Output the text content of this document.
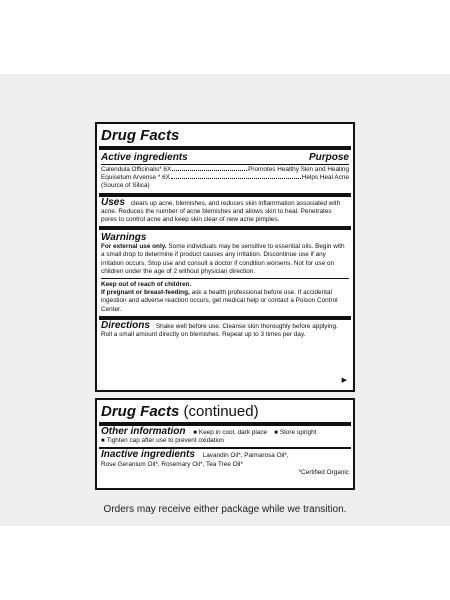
Drug Facts
Active ingredients	Purpose
Calendula Officinalis* 6X	Promotes Healthy Skin and Healing
Equisetum Arvense * 6X	Helps Heal Acne
(Source of Silica)
Uses clears up acne, blemishes, and reduces skin inflammation associated with acne. Reduces the number of acne blemishes and allows skin to heal. Penetrates pores to control acne and keep skin clear of new acne pimples.
Warnings
For external use only. Some individuals may be sensitive to essential oils. Begin with a small drop to determine if product causes any irritation. Discontinue use if any irritation occurs. Stop use and consult a doctor if condition worsens. Not for use on children under the age of 2 without physician direction.
Keep out of reach of children.
If pregnant or breast-feeding, ask a health professional before use. If accidental ingestion and adverse reaction occurs, get medical help or contact a Poison Control Center.
Directions Shake well before use. Cleanse skin thoroughly before applying. Roll a small amount directly on blemishes. Repeat up to 3 times per day.
▶
Drug Facts (continued)
Other information ■ Keep in cool, dark place ■ Store upright
■ Tighten cap after use to prevent oxidation
Inactive ingredients Lavandin Oil*, Palmarosa Oil*,
Rose Geranium Oil*, Rosemary Oil*, Tea Tree Oil*
*Certified Organic
Orders may receive either package while we transition.
